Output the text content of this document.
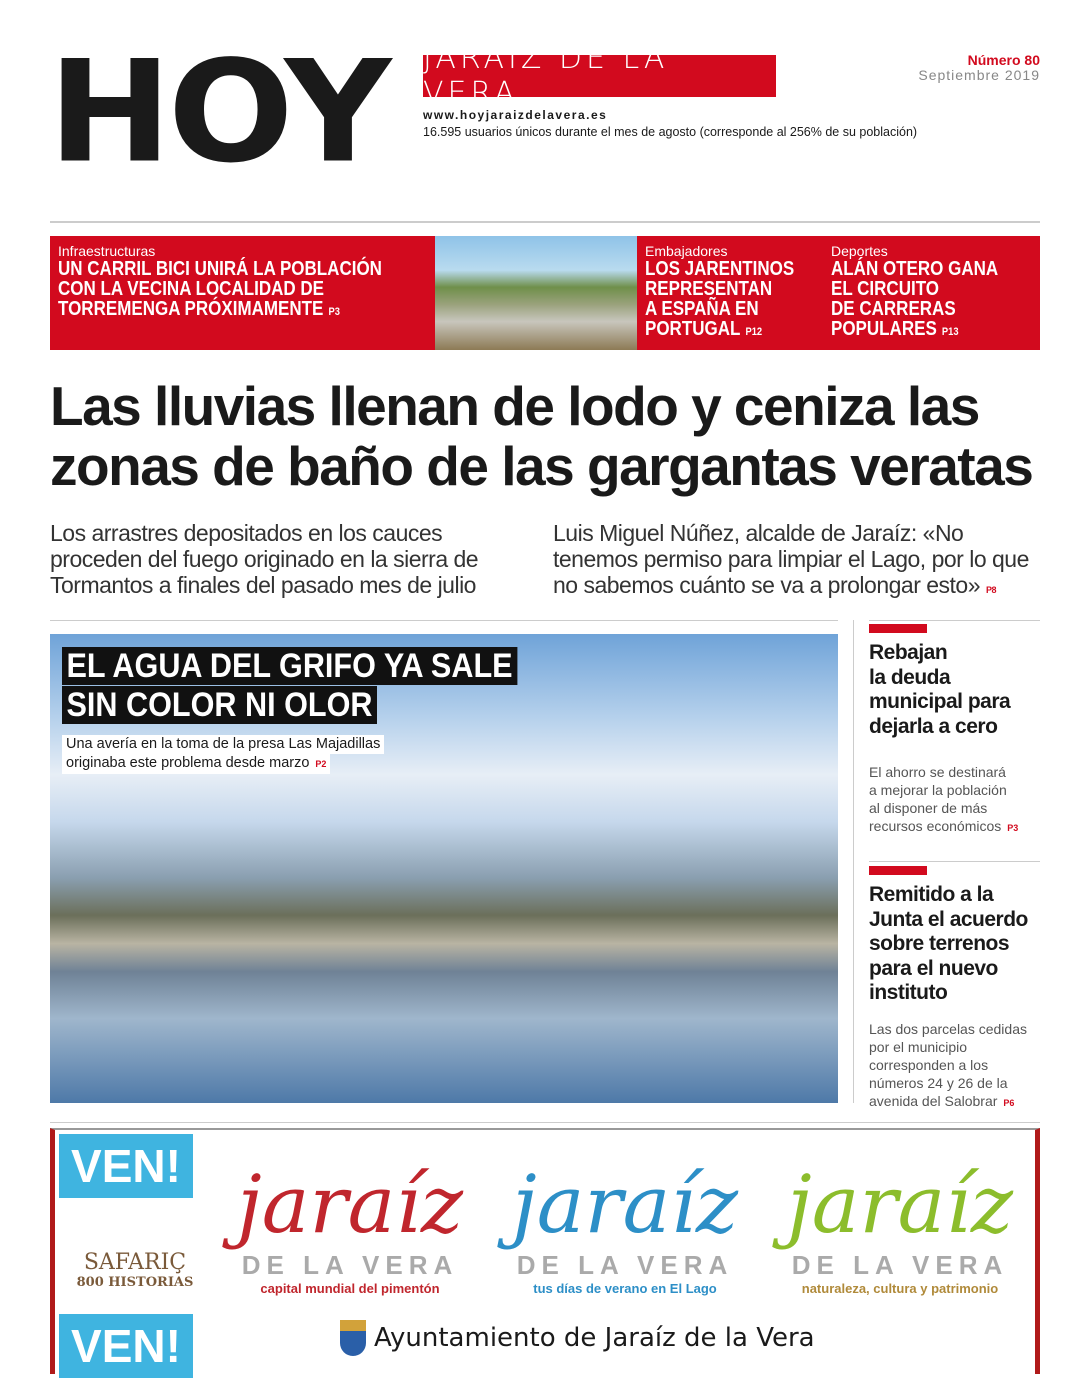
HOY JARAÍZ DE LA VERA
Número 80
Septiembre 2019
www.hoyjaraizdelavera.es
16.595 usuarios únicos durante el mes de agosto (corresponde al 256% de su población)
Infraestructuras
UN CARRIL BICI UNIRÁ LA POBLACIÓN
CON LA VECINA LOCALIDAD DE
TORREMENGA PRÓXIMAMENTE P3
Embajadores
LOS JARENTINOS
REPRESENTAN
A ESPAÑA EN
PORTUGAL P12
Deportes
ALÁN OTERO GANA
EL CIRCUITO
DE CARRERAS
POPULARES P13
Las lluvias llenan de lodo y ceniza las
zonas de baño de las gargantas veratas
Los arrastres depositados en los cauces
proceden del fuego originado en la sierra de
Tormantos a finales del pasado mes de julio
Luis Miguel Núñez, alcalde de Jaraíz: «No
tenemos permiso para limpiar el Lago, por lo que
no sabemos cuánto se va a prolongar esto» P8
EL AGUA DEL GRIFO YA SALE
SIN COLOR NI OLOR
Una avería en la toma de la presa Las Majadillas
originaba este problema desde marzo P2
Rebajan
la deuda
municipal para
dejarla a cero
El ahorro se destinará
a mejorar la población
al disponer de más
recursos económicos P3
Remitido a la
Junta el acuerdo
sobre terrenos
para el nuevo
instituto
Las dos parcelas cedidas
por el municipio
corresponden a los
números 24 y 26 de la
avenida del Salobrar P6
VEN!
VEN!
SAFARIÇ
800 HISTORIAS
jaraíz
DE LA VERA
capital mundial del pimentón
jaraíz
DE LA VERA
tus días de verano en El Lago
jaraíz
DE LA VERA
naturaleza, cultura y patrimonio
Ayuntamiento de Jaraíz de la Vera
